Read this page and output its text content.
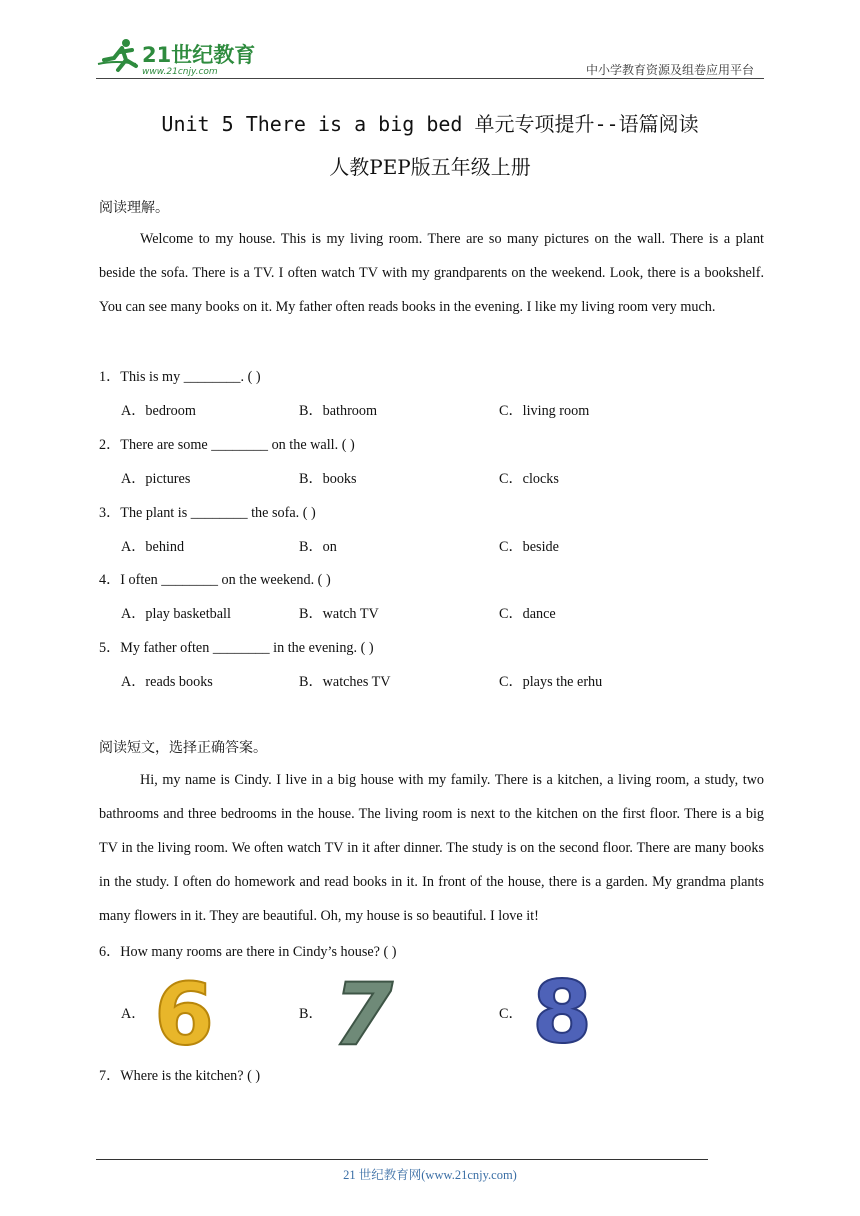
21世纪教育
www.21cnjy.com	中小学教育资源及组卷应用平台
Unit 5 There is a big bed 单元专项提升--语篇阅读
人教PEP版五年级上册
阅读理解。

Welcome to my house. This is my living room. There are so many pictures on the wall. There is a plant beside the sofa. There is a TV. I often watch TV with my grandparents on the weekend. Look, there is a bookshelf. You can see many books on it. My father often reads books in the evening. I like my living room very much.

1．This is my ________. ( )
A．bedroom	B．bathroom	C．living room
2．There are some ________ on the wall. ( )
A．pictures	B．books	C．clocks
3．The plant is ________ the sofa. ( )
A．behind	B．on	C．beside
4．I often ________ on the weekend. ( )
A．play basketball	B．watch TV	C．dance
5．My father often ________ in the evening. ( )
A．reads books	B．watches TV	C．plays the erhu
阅读短文，选择正确答案。

Hi, my name is Cindy. I live in a big house with my family. There is a kitchen, a living room, a study, two bathrooms and three bedrooms in the house. The living room is next to the kitchen on the first floor. There is a big TV in the living room. We often watch TV in it after dinner. The study is on the second floor. There are many books in the study. I often do homework and read books in it. In front of the house, there is a garden. My grandma plants many flowers in it. They are beautiful. Oh, my house is so beautiful. I love it!

6．How many rooms are there in Cindy’s house? ( )
A． 6	B． 7	C． 8
7．Where is the kitchen? ( )
21 世纪教育网(www.21cnjy.com)
